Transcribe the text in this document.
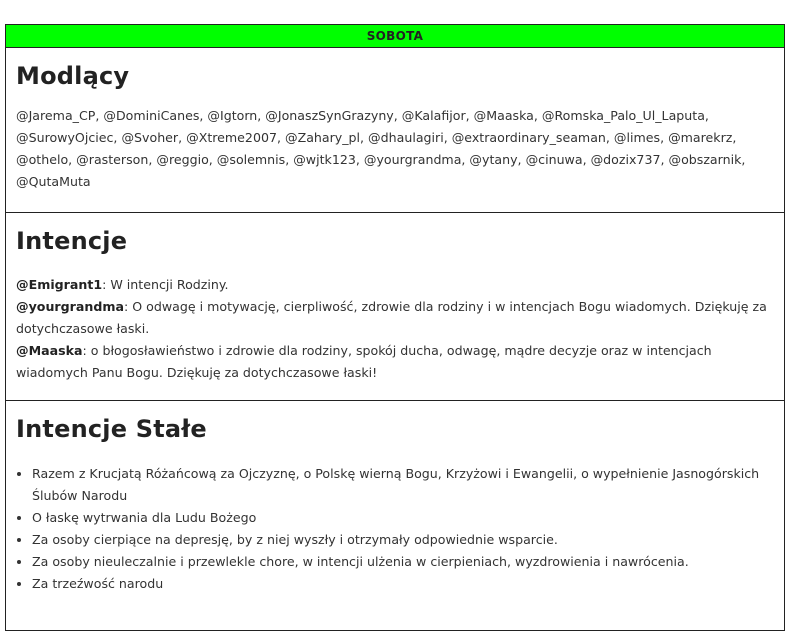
SOBOTA
Modlący
@Jarema_CP, @DominiCanes, @Igtorn, @JonaszSynGrazyny, @Kalafijor, @Maaska, @Romska_Palo_Ul_Laputa, @SurowyOjciec, @Svoher, @Xtreme2007, @Zahary_pl, @dhaulagiri, @extraordinary_seaman, @limes, @marekrz, @othelo, @rasterson, @reggio, @solemnis, @wjtk123, @yourgrandma, @ytany, @cinuwa, @dozix737, @obszarnik, @QutaMuta
Intencje

@Emigrant1: W intencji Rodziny.

@yourgrandma: O odwagę i motywację, cierpliwość, zdrowie dla rodziny i w intencjach Bogu wiadomych. Dziękuję za dotychczasowe łaski.

@Maaska: o błogosławieństwo i zdrowie dla rodziny, spokój ducha, odwagę, mądre decyzje oraz w intencjach wiadomych Panu Bogu. Dziękuję za dotychczasowe łaski!

Intencje Stałe
• Razem z Krucjatą Różańcową za Ojczyznę, o Polskę wierną Bogu, Krzyżowi i Ewangelii, o wypełnienie Jasnogórskich Ślubów Narodu
• O łaskę wytrwania dla Ludu Bożego
• Za osoby cierpiące na depresję, by z niej wyszły i otrzymały odpowiednie wsparcie.
• Za osoby nieuleczalnie i przewlekle chore, w intencji ulżenia w cierpieniach, wyzdrowienia i nawrócenia.
• Za trzeźwość narodu
